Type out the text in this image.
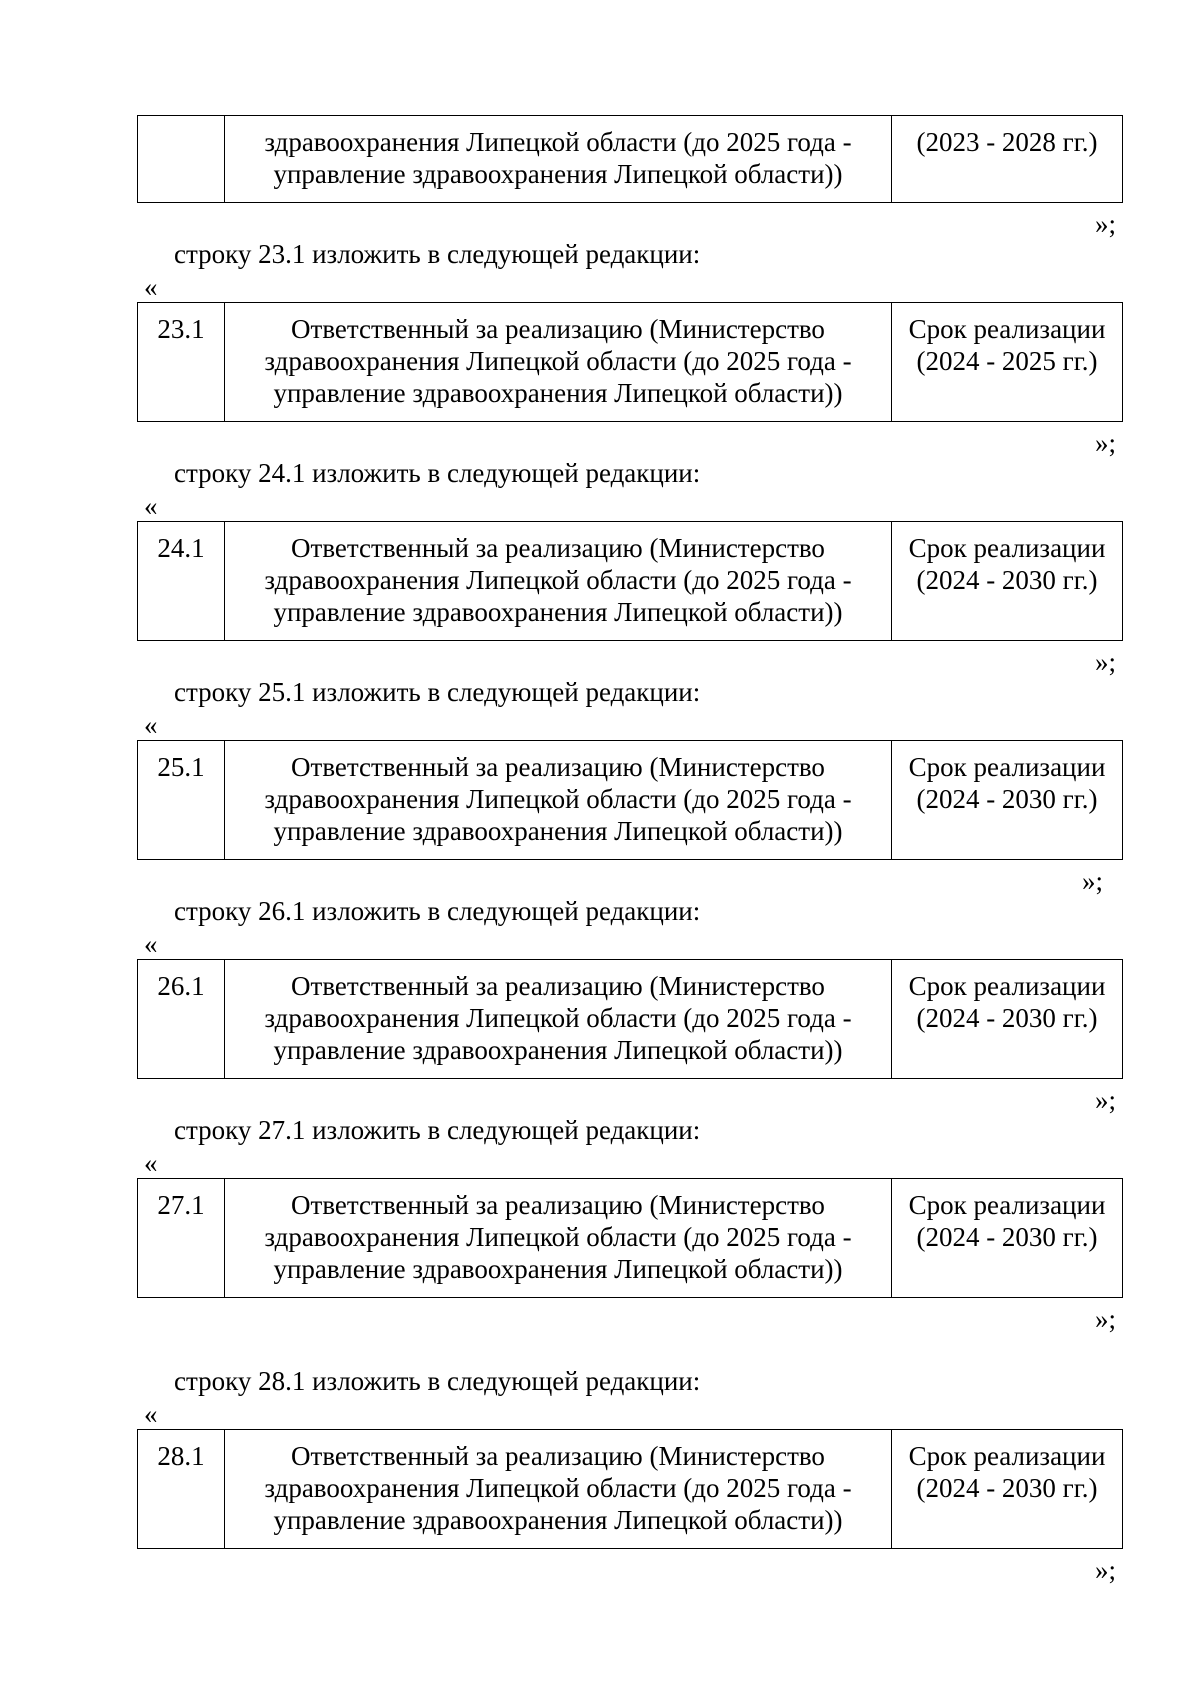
	здравоохранения Липецкой области (до 2025 года -
управление здравоохранения Липецкой области))	(2023 - 2028 гг.)
»;
строку 23.1 изложить в следующей редакции:
«
23.1	Ответственный за реализацию (Министерство
здравоохранения Липецкой области (до 2025 года -
управление здравоохранения Липецкой области))	Срок реализации
(2024 - 2025 гг.)
»;
строку 24.1 изложить в следующей редакции:
«
24.1	Ответственный за реализацию (Министерство
здравоохранения Липецкой области (до 2025 года -
управление здравоохранения Липецкой области))	Срок реализации
(2024 - 2030 гг.)
»;
строку 25.1 изложить в следующей редакции:
«
25.1	Ответственный за реализацию (Министерство
здравоохранения Липецкой области (до 2025 года -
управление здравоохранения Липецкой области))	Срок реализации
(2024 - 2030 гг.)
»;
строку 26.1 изложить в следующей редакции:
«
26.1	Ответственный за реализацию (Министерство
здравоохранения Липецкой области (до 2025 года -
управление здравоохранения Липецкой области))	Срок реализации
(2024 - 2030 гг.)
»;
строку 27.1 изложить в следующей редакции:
«
27.1	Ответственный за реализацию (Министерство
здравоохранения Липецкой области (до 2025 года -
управление здравоохранения Липецкой области))	Срок реализации
(2024 - 2030 гг.)
»;
строку 28.1 изложить в следующей редакции:
«
28.1	Ответственный за реализацию (Министерство
здравоохранения Липецкой области (до 2025 года -
управление здравоохранения Липецкой области))	Срок реализации
(2024 - 2030 гг.)
»;
